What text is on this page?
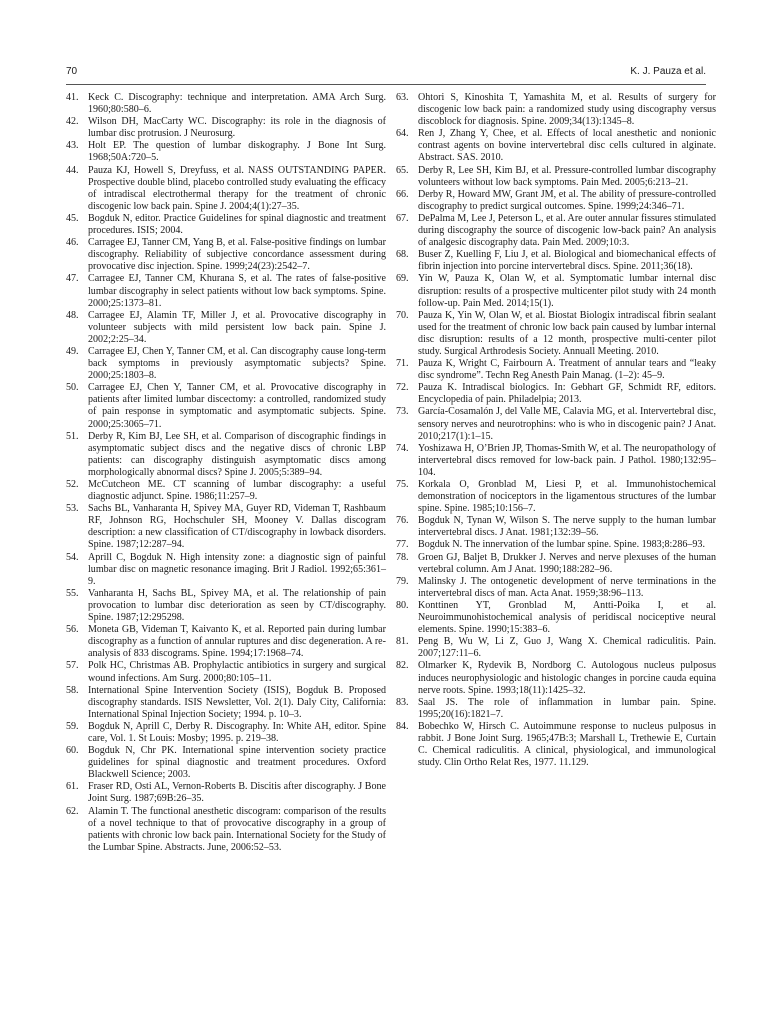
70	K. J. Pauza et al.
41. Keck C. Discography: technique and interpretation. AMA Arch Surg. 1960;80:580–6.
42. Wilson DH, MacCarty WC. Discography: its role in the diagnosis of lumbar disc protrusion. J Neurosurg.
43. Holt EP. The question of lumbar diskography. J Bone Int Surg. 1968;50A:720–5.
44. Pauza KJ, Howell S, Dreyfuss, et al. NASS OUTSTANDING PAPER. Prospective double blind, placebo controlled study evaluating the efficacy of intradiscal electrothermal therapy for the treatment of chronic discogenic low back pain. Spine J. 2004;4(1):27–35.
45. Bogduk N, editor. Practice Guidelines for spinal diagnostic and treatment procedures. ISIS; 2004.
46. Carragee EJ, Tanner CM, Yang B, et al. False-positive findings on lumbar discography. Reliability of subjective concordance assessment during provocative disc injection. Spine. 1999;24(23):2542–7.
47. Carragee EJ, Tanner CM, Khurana S, et al. The rates of false-positive lumbar discography in select patients without low back symptoms. Spine. 2000;25:1373–81.
48. Carragee EJ, Alamin TF, Miller J, et al. Provocative discography in volunteer subjects with mild persistent low back pain. Spine J. 2002;2:25–34.
49. Carragee EJ, Chen Y, Tanner CM, et al. Can discography cause long-term back symptoms in previously asymptomatic subjects? Spine. 2000;25:1803–8.
50. Carragee EJ, Chen Y, Tanner CM, et al. Provocative discography in patients after limited lumbar discectomy: a controlled, randomized study of pain response in symptomatic and asymptomatic subjects. Spine. 2000;25:3065–71.
51. Derby R, Kim BJ, Lee SH, et al. Comparison of discographic findings in asymptomatic subject discs and the negative discs of chronic LBP patients: can discography distinguish asymptomatic discs among morphologically abnormal discs? Spine J. 2005;5:389–94.
52. McCutcheon ME. CT scanning of lumbar discography: a useful diagnostic adjunct. Spine. 1986;11:257–9.
53. Sachs BL, Vanharanta H, Spivey MA, Guyer RD, Videman T, Rashbaum RF, Johnson RG, Hochschuler SH, Mooney V. Dallas discogram description: a new classification of CT/discography in lowback disorders. Spine. 1987;12:287–94.
54. Aprill C, Bogduk N. High intensity zone: a diagnostic sign of painful lumbar disc on magnetic resonance imaging. Brit J Radiol. 1992;65:361–9.
55. Vanharanta H, Sachs BL, Spivey MA, et al. The relationship of pain provocation to lumbar disc deterioration as seen by CT/discography. Spine. 1987;12:295298.
56. Moneta GB, Videman T, Kaivanto K, et al. Reported pain during lumbar discography as a function of annular ruptures and disc degeneration. A re-analysis of 833 discograms. Spine. 1994;17:1968–74.
57. Polk HC, Christmas AB. Prophylactic antibiotics in surgery and surgical wound infections. Am Surg. 2000;80:105–11.
58. International Spine Intervention Society (ISIS), Bogduk B. Proposed discography standards. ISIS Newsletter, Vol. 2(1). Daly City, California: International Spinal Injection Society; 1994. p. 10–3.
59. Bogduk N, Aprill C, Derby R. Discography. In: White AH, editor. Spine care, Vol. 1. St Louis: Mosby; 1995. p. 219–38.
60. Bogduk N, Chr PK. International spine intervention society practice guidelines for spinal diagnostic and treatment procedures. Oxford Blackwell Science; 2003.
61. Fraser RD, Osti AL, Vernon-Roberts B. Discitis after discography. J Bone Joint Surg. 1987;69B:26–35.
62. Alamin T. The functional anesthetic discogram: comparison of the results of a novel technique to that of provocative discography in a group of patients with chronic low back pain. International Society for the Study of the Lumbar Spine. Abstracts. June, 2006:52–53.
63. Ohtori S, Kinoshita T, Yamashita M, et al. Results of surgery for discogenic low back pain: a randomized study using discography versus discoblock for diagnosis. Spine. 2009;34(13):1345–8.
64. Ren J, Zhang Y, Chee, et al. Effects of local anesthetic and nonionic contrast agents on bovine intervertebral disc cells cultured in alginate. Abstract. SAS. 2010.
65. Derby R, Lee SH, Kim BJ, et al. Pressure-controlled lumbar discography volunteers without low back symptoms. Pain Med. 2005;6:213–21.
66. Derby R, Howard MW, Grant JM, et al. The ability of pressure-controlled discography to predict surgical outcomes. Spine. 1999;24:346–71.
67. DePalma M, Lee J, Peterson L, et al. Are outer annular fissures stimulated during discography the source of discogenic low-back pain? An analysis of analgesic discography data. Pain Med. 2009;10:3.
68. Buser Z, Kuelling F, Liu J, et al. Biological and biomechanical effects of fibrin injection into porcine intervertebral discs. Spine. 2011;36(18).
69. Yin W, Pauza K, Olan W, et al. Symptomatic lumbar internal disc disruption: results of a prospective multicenter pilot study with 24 month follow-up. Pain Med. 2014;15(1).
70. Pauza K, Yin W, Olan W, et al. Biostat Biologix intradiscal fibrin sealant used for the treatment of chronic low back pain caused by lumbar internal disc disruption: results of a 12 month, prospective multi-center pilot study. Surgical Arthrodesis Society. Annuall Meeting. 2010.
71. Pauza K, Wright C, Fairbourn A. Treatment of annular tears and “leaky disc syndrome”. Techn Reg Anesth Pain Manag. (1–2): 45–9.
72. Pauza K. Intradiscal biologics. In: Gebhart GF, Schmidt RF, editors. Encyclopedia of pain. Philadelpia; 2013.
73. García-Cosamalón J, del Valle ME, Calavia MG, et al. Intervertebral disc, sensory nerves and neurotrophins: who is who in discogenic pain? J Anat. 2010;217(1):1–15.
74. Yoshizawa H, O’Brien JP, Thomas-Smith W, et al. The neuropathology of intervertebral discs removed for low-back pain. J Pathol. 1980;132:95–104.
75. Korkala O, Gronblad M, Liesi P, et al. Immunohistochemical demonstration of nociceptors in the ligamentous structures of the lumbar spine. Spine. 1985;10:156–7.
76. Bogduk N, Tynan W, Wilson S. The nerve supply to the human lumbar intervertebral discs. J Anat. 1981;132:39–56.
77. Bogduk N. The innervation of the lumbar spine. Spine. 1983;8:286–93.
78. Groen GJ, Baljet B, Drukker J. Nerves and nerve plexuses of the human vertebral column. Am J Anat. 1990;188:282–96.
79. Malinsky J. The ontogenetic development of nerve terminations in the intervertebral discs of man. Acta Anat. 1959;38:96–113.
80. Konttinen YT, Gronblad M, Antti-Poika I, et al. Neuroimmunohistochemical analysis of peridiscal nociceptive neural elements. Spine. 1990;15:383–6.
81. Peng B, Wu W, Li Z, Guo J, Wang X. Chemical radiculitis. Pain. 2007;127:11–6.
82. Olmarker K, Rydevik B, Nordborg C. Autologous nucleus pulposus induces neurophysiologic and histologic changes in porcine cauda equina nerve roots. Spine. 1993;18(11):1425–32.
83. Saal JS. The role of inflammation in lumbar pain. Spine. 1995;20(16):1821–7.
84. Bobechko W, Hirsch C. Autoimmune response to nucleus pulposus in rabbit. J Bone Joint Surg. 1965;47B:3; Marshall L, Trethewie E, Curtain C. Chemical radiculitis. A clinical, physiological, and immunological study. Clin Ortho Relat Res, 1977. 11.129.
